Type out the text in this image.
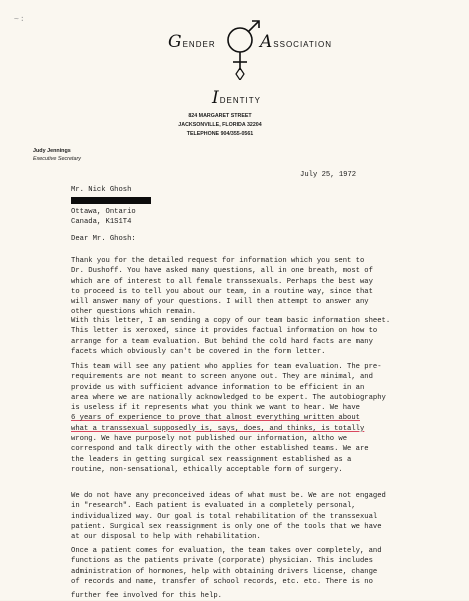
~:
GENDER	ASSOCIATION
IDENTITY
824 MARGARET STREET
JACKSONVILLE, FLORIDA 32204
TELEPHONE 904/355-0561
Judy Jennings
Executive Secretary
July 25, 1972
Mr. Nick Ghosh
Ottawa, Ontario
Canada, K1S1T4
Dear Mr. Ghosh:
Thank you for the detailed request for information which you sent to
Dr. Dushoff. You have asked many questions, all in one breath, most of
which are of interest to all female transsexuals. Perhaps the best way
to proceed is to tell you about our team, in a routine way, since that
will answer many of your questions. I will then attempt to answer any
other questions which remain.
With this letter, I am sending a copy of our team basic information sheet.
This letter is xeroxed, since it provides factual information on how to
arrange for a team evaluation. But behind the cold hard facts are many
facets which obviously can't be covered in the form letter.
This team will see any patient who applies for team evaluation. The pre-
requirements are not meant to screen anyone out. They are minimal, and
provide us with sufficient advance information to be efficient in an
area where we are nationally acknowledged to be expert. The autobiography
is useless if it represents what you think we want to hear. We have
6 years of experience to prove that almost everything written about
what a transsexual supposedly is, says, does, and thinks, is totally
wrong. We have purposely not published our information, altho we
correspond and talk directly with the other established teams. We are
the leaders in getting surgical sex reassignment established as a
routine, non-sensational, ethically acceptable form of surgery.
We do not have any preconceived ideas of what must be. We are not engaged
in "research". Each patient is evaluated in a completely personal,
individualized way. Our goal is total rehabilitation of the transsexual
patient. Surgical sex reassignment is only one of the tools that we have
at our disposal to help with rehabilitation.
Once a patient comes for evaluation, the team takes over completely, and
functions as the patients private (corporate) physician. This includes
administration of hormones, help with obtaining drivers license, change
of records and name, transfer of school records, etc. etc. There is no
further fee involved for this help.
